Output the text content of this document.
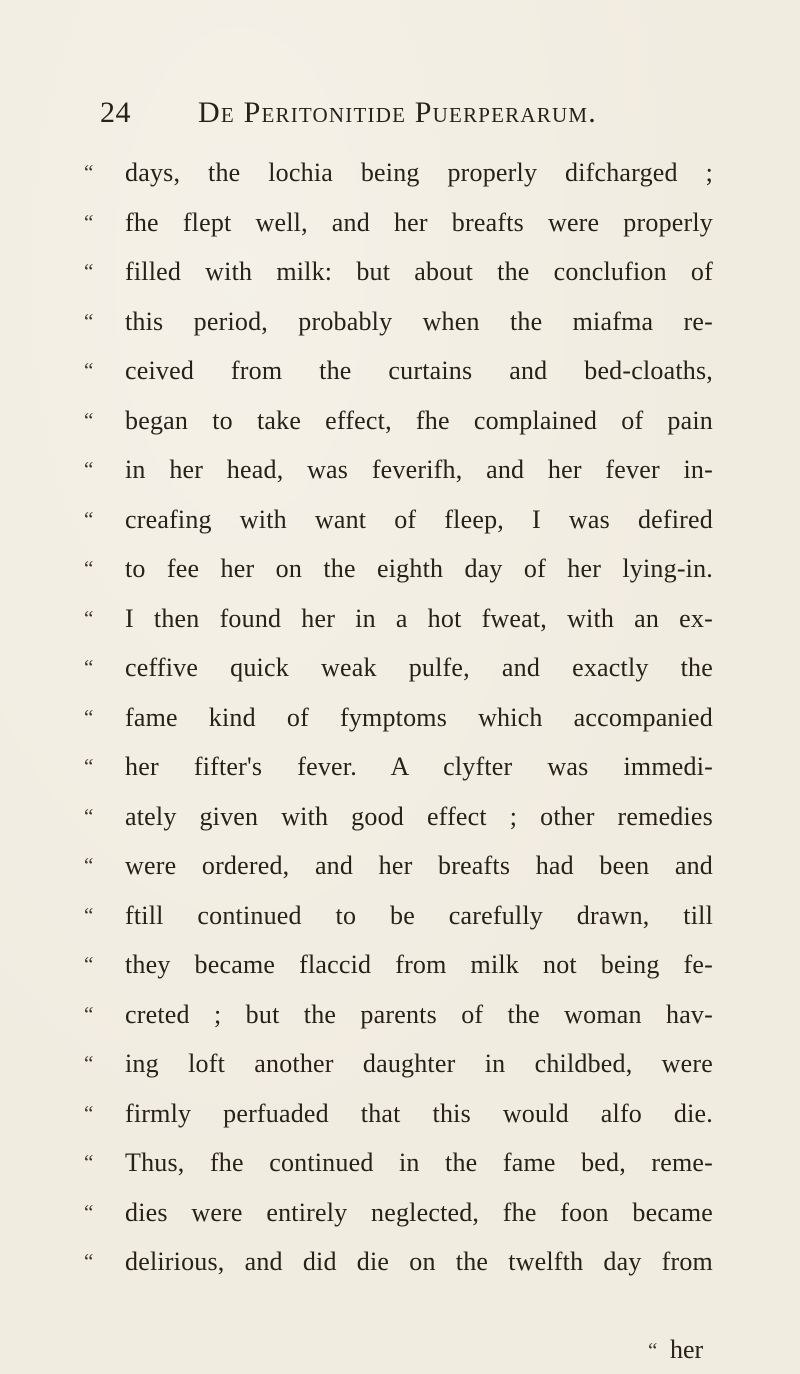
24 De Peritonitide Puerperarum.
“	days, the lochia being properly difcharged ;
“	fhe flept well, and her breafts were properly
“	filled with milk: but about the conclufion of
“	this period, probably when the miafma re-
“	ceived from the curtains and bed-cloaths,
“	began to take effect, fhe complained of pain
“	in her head, was feverifh, and her fever in-
“	creafing with want of fleep, I was defired
“	to fee her on the eighth day of her lying-in.
“	I then found her in a hot fweat, with an ex-
“	ceffive quick weak pulfe, and exactly the
“	fame kind of fymptoms which accompanied
“	her fifter's fever. A clyfter was immedi-
“	ately given with good effect ; other remedies
“	were ordered, and her breafts had been and
“	ftill continued to be carefully drawn, till
“	they became flaccid from milk not being fe-
“	creted ; but the parents of the woman hav-
“	ing loft another daughter in childbed, were
“	firmly perfuaded that this would alfo die.
“	Thus, fhe continued in the fame bed, reme-
“	dies were entirely neglected, fhe foon became
“	delirious, and did die on the twelfth day from
“ her
